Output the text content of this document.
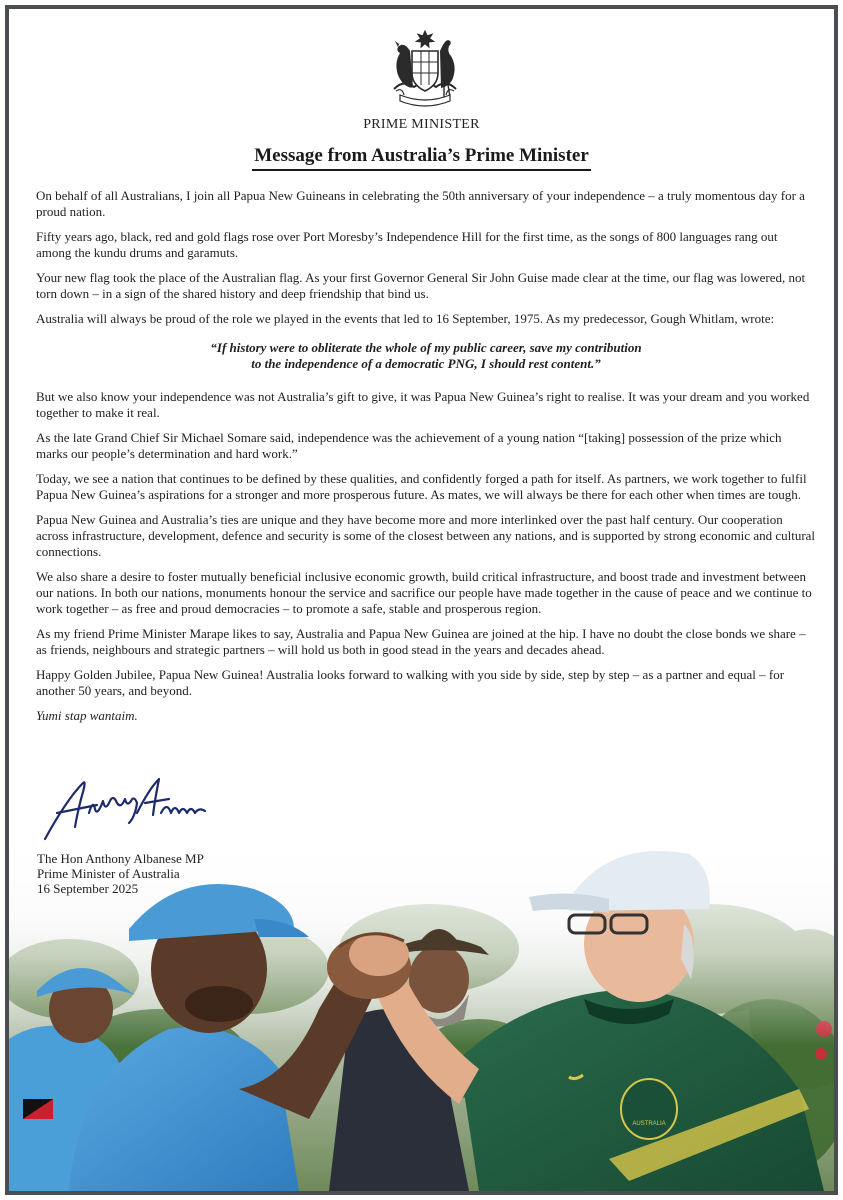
PRIME MINISTER
Message from Australia’s Prime Minister

On behalf of all Australians, I join all Papua New Guineans in celebrating the 50th anniversary of your independence – a truly momentous day for a proud nation.

Fifty years ago, black, red and gold flags rose over Port Moresby’s Independence Hill for the first time, as the songs of 800 languages rang out among the kundu drums and garamuts.

Your new flag took the place of the Australian flag. As your first Governor General Sir John Guise made clear at the time, our flag was lowered, not torn down – in a sign of the shared history and deep friendship that bind us.

Australia will always be proud of the role we played in the events that led to 16 September, 1975. As my predecessor, Gough Whitlam, wrote:

“If history were to obliterate the whole of my public career, save my contribution
to the independence of a democratic PNG, I should rest content.”

But we also know your independence was not Australia’s gift to give, it was Papua New Guinea’s right to realise. It was your dream and you worked together to make it real.

As the late Grand Chief Sir Michael Somare said, independence was the achievement of a young nation “[taking] possession of the prize which marks our people’s determination and hard work.”

Today, we see a nation that continues to be defined by these qualities, and confidently forged a path for itself. As partners, we work together to fulfil Papua New Guinea’s aspirations for a stronger and more prosperous future. As mates, we will always be there for each other when times are tough.

Papua New Guinea and Australia’s ties are unique and they have become more and more interlinked over the past half century. Our cooperation across infrastructure, development, defence and security is some of the closest between any nations, and is supported by strong economic and cultural connections.

We also share a desire to foster mutually beneficial inclusive economic growth, build critical infrastructure, and boost trade and investment between our nations. In both our nations, monuments honour the service and sacrifice our people have made together in the cause of peace and we continue to work together – as free and proud democracies – to promote a safe, stable and prosperous region.

As my friend Prime Minister Marape likes to say, Australia and Papua New Guinea are joined at the hip. I have no doubt the close bonds we share – as friends, neighbours and strategic partners – will hold us both in good stead in the years and decades ahead.

Happy Golden Jubilee, Papua New Guinea! Australia looks forward to walking with you side by side, step by step – as a partner and equal – for another 50 years, and beyond.

Yumi stap wantaim.

AUSTRALIA
Anthony Albanese
The Hon Anthony Albanese MP
Prime Minister of Australia
16 September 2025
